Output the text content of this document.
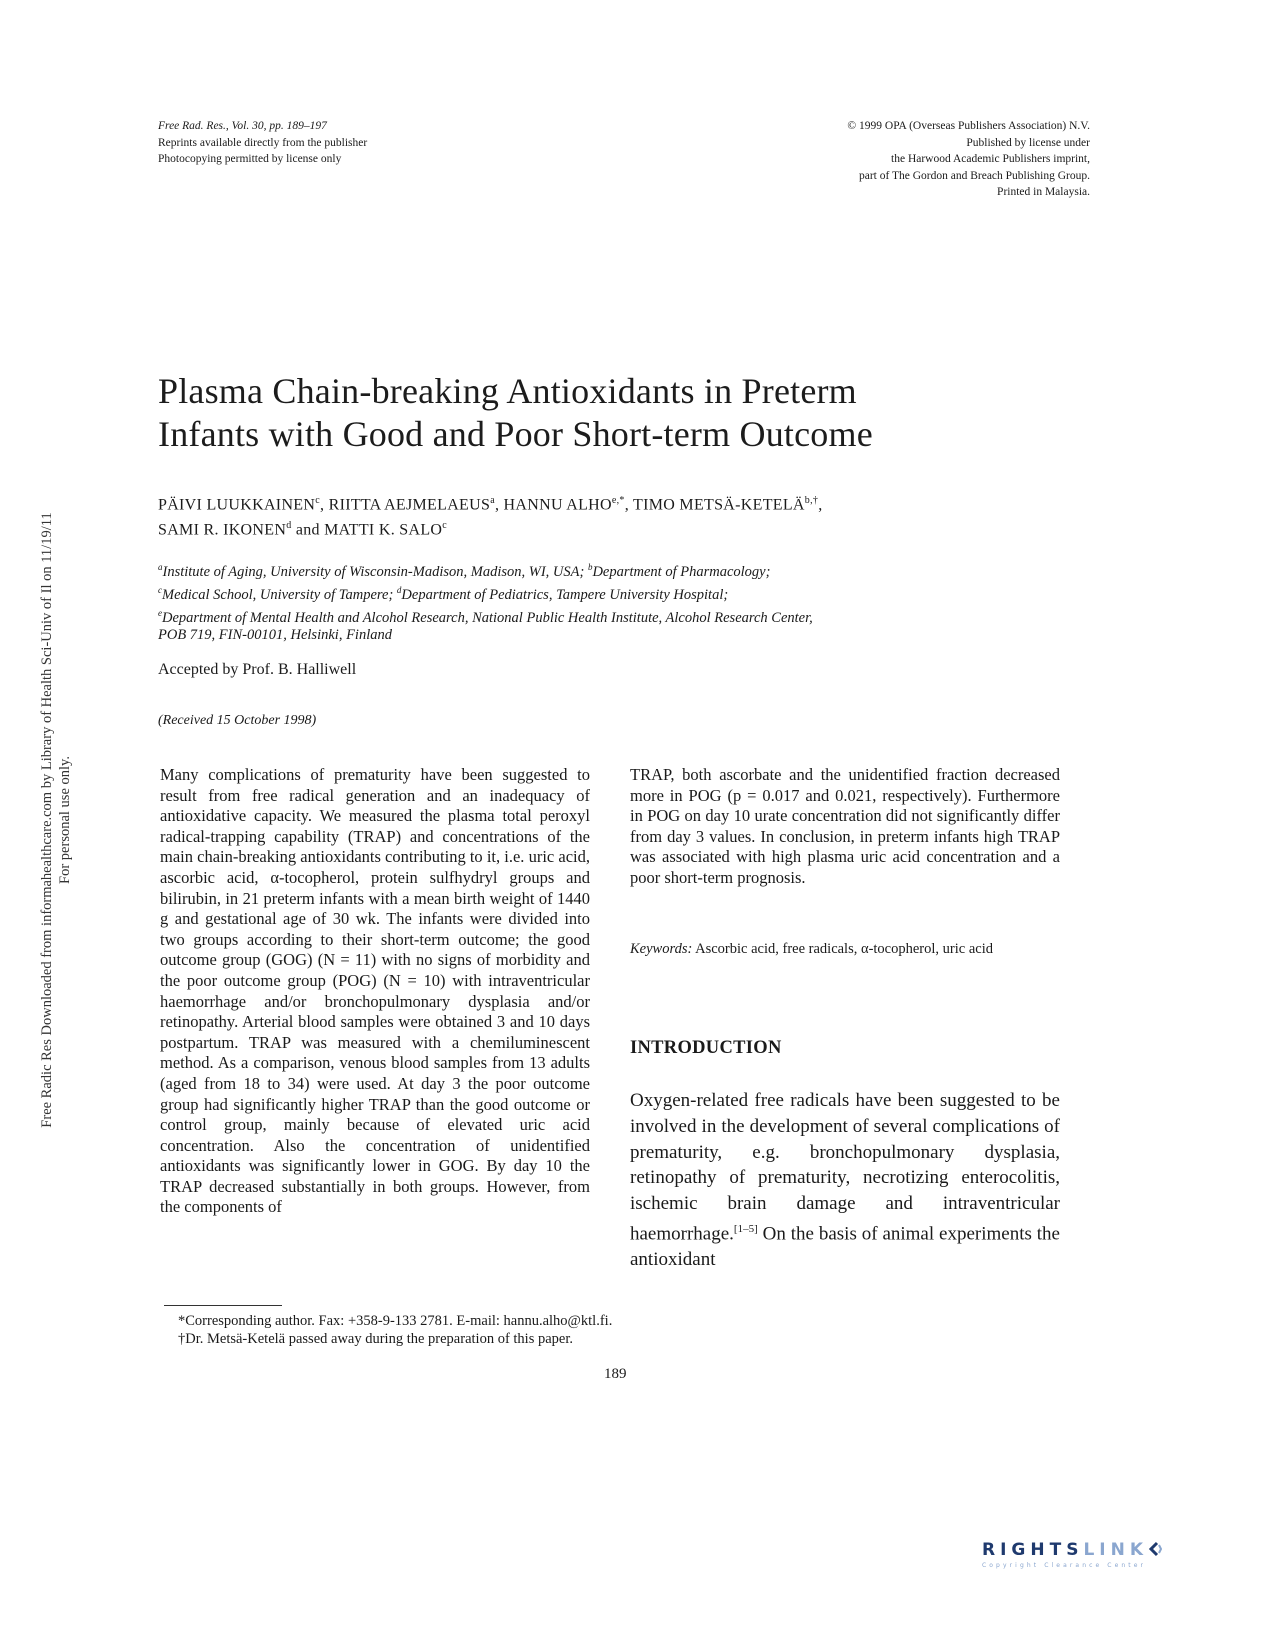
Free Rad. Res., Vol. 30, pp. 189–197
Reprints available directly from the publisher
Photocopying permitted by license only
© 1999 OPA (Overseas Publishers Association) N.V.
Published by license under
the Harwood Academic Publishers imprint,
part of The Gordon and Breach Publishing Group.
Printed in Malaysia.
Free Radic Res Downloaded from informahealthcare.com by Library of Health Sci-Univ of Il on 11/19/11 For personal use only.
Plasma Chain-breaking Antioxidants in Preterm
Infants with Good and Poor Short-term Outcome
PÄIVI LUUKKAINEN$^c$, RIITTA AEJMELAEUS$^a$, HANNU $ALHO^{e,*}$, TIMO METSÄ-$KETELÄ^{b,\dagger}$,
SAMI R. IKONEN$^d$ and MATTI K. SALO$^c$
$^a$Institute of Aging, University of Wisconsin-Madison, Madison, WI, USA; $^b$Department of Pharmacology;
$^c$Medical School, University of Tampere; $^d$Department of Pediatrics, Tampere University Hospital;
$^e$Department of Mental Health and Alcohol Research, National Public Health Institute, Alcohol Research Center,
POB 719, FIN-00101, Helsinki, Finland
Accepted by Prof. B. Halliwell
(Received 15 October 1998)
Many complications of prematurity have been suggested to result from free radical generation and an inadequacy of antioxidative capacity. We measured the plasma total peroxyl radical-trapping capability (TRAP) and concentrations of the main chain-breaking antioxidants contributing to it, i.e. uric acid, ascorbic acid, α-tocopherol, protein sulfhydryl groups and bilirubin, in 21 preterm infants with a mean birth weight of 1440 g and gestational age of 30 wk. The infants were divided into two groups according to their short-term outcome; the good outcome group (GOG) (N = 11) with no signs of morbidity and the poor outcome group (POG) (N = 10) with intraventricular haemorrhage and/or bronchopulmonary dysplasia and/or retinopathy. Arterial blood samples were obtained 3 and 10 days postpartum. TRAP was measured with a chemiluminescent method. As a comparison, venous blood samples from 13 adults (aged from 18 to 34) were used. At day 3 the poor outcome group had significantly higher TRAP than the good outcome or control group, mainly because of elevated uric acid concentration. Also the concentration of unidentified antioxidants was significantly lower in GOG. By day 10 the TRAP decreased substantially in both groups. However, from the components of
TRAP, both ascorbate and the unidentified fraction decreased more in POG (p = 0.017 and 0.021, respectively). Furthermore in POG on day 10 urate concentration did not significantly differ from day 3 values. In conclusion, in preterm infants high TRAP was associated with high plasma uric acid concentration and a poor short-term prognosis.
Keywords: Ascorbic acid, free radicals, α-tocopherol, uric acid
INTRODUCTION
Oxygen-related free radicals have been suggested to be involved in the development of several complications of prematurity, e.g. bronchopulmonary dysplasia, retinopathy of prematurity, necrotizing enterocolitis, ischemic brain damage and intraventricular haemorrhage.[1–5] On the basis of animal experiments the antioxidant
*Corresponding author. Fax: +358-9-133 2781. E-mail: hannu.alho@ktl.fi.
†Dr. Metsä-Ketelä passed away during the preparation of this paper.
189
RIGHTSLINK
Copyright Clearance Center
